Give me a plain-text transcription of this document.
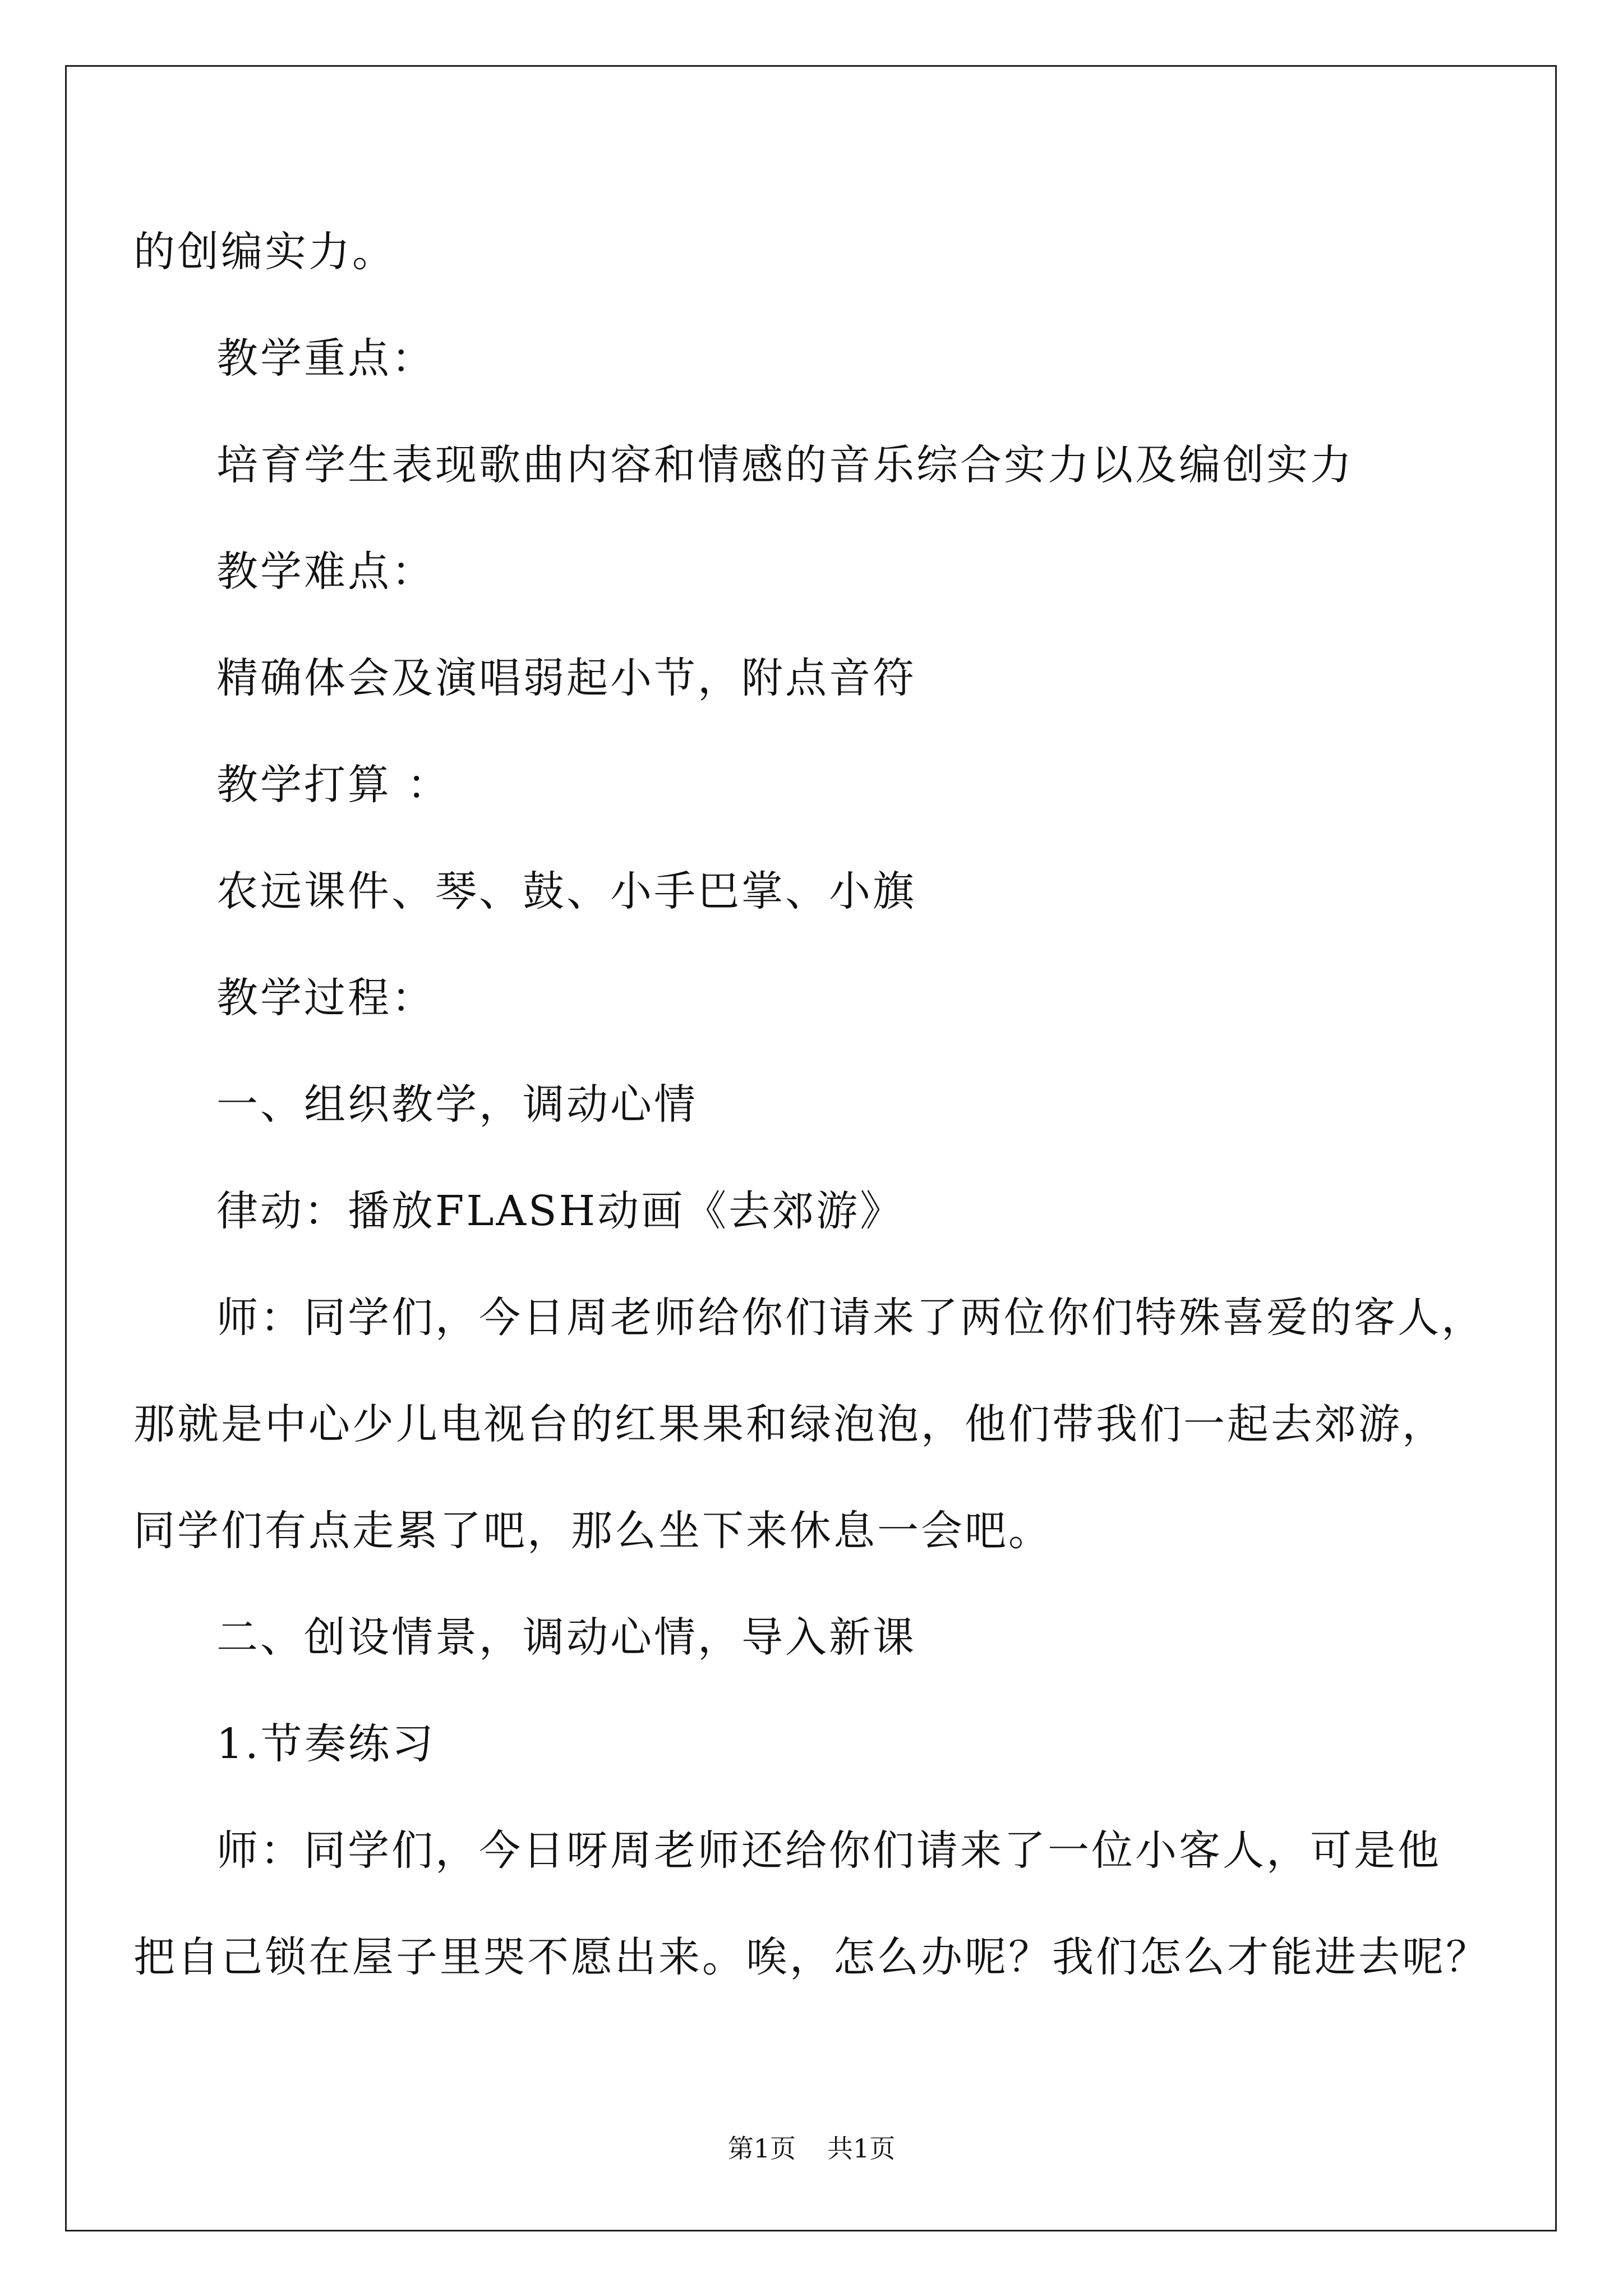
的创编实力。
教学重点：
培育学生表现歌曲内容和情感的音乐综合实力以及编创实力
教学难点：
精确体会及演唱弱起小节，附点音符
教学打算 ：
农远课件、琴、鼓、小手巴掌、小旗
教学过程：
一、组织教学，调动心情
律动：播放FLASH动画《去郊游》
师：同学们，今日周老师给你们请来了两位你们特殊喜爱的客人，
那就是中心少儿电视台的红果果和绿泡泡，他们带我们一起去郊游，
同学们有点走累了吧，那么坐下来休息一会吧。
二、创设情景，调动心情，导入新课
1.节奏练习
师：同学们，今日呀周老师还给你们请来了一位小客人，可是他
把自己锁在屋子里哭不愿出来。唉，怎么办呢？我们怎么才能进去呢？
第1页 共1页
